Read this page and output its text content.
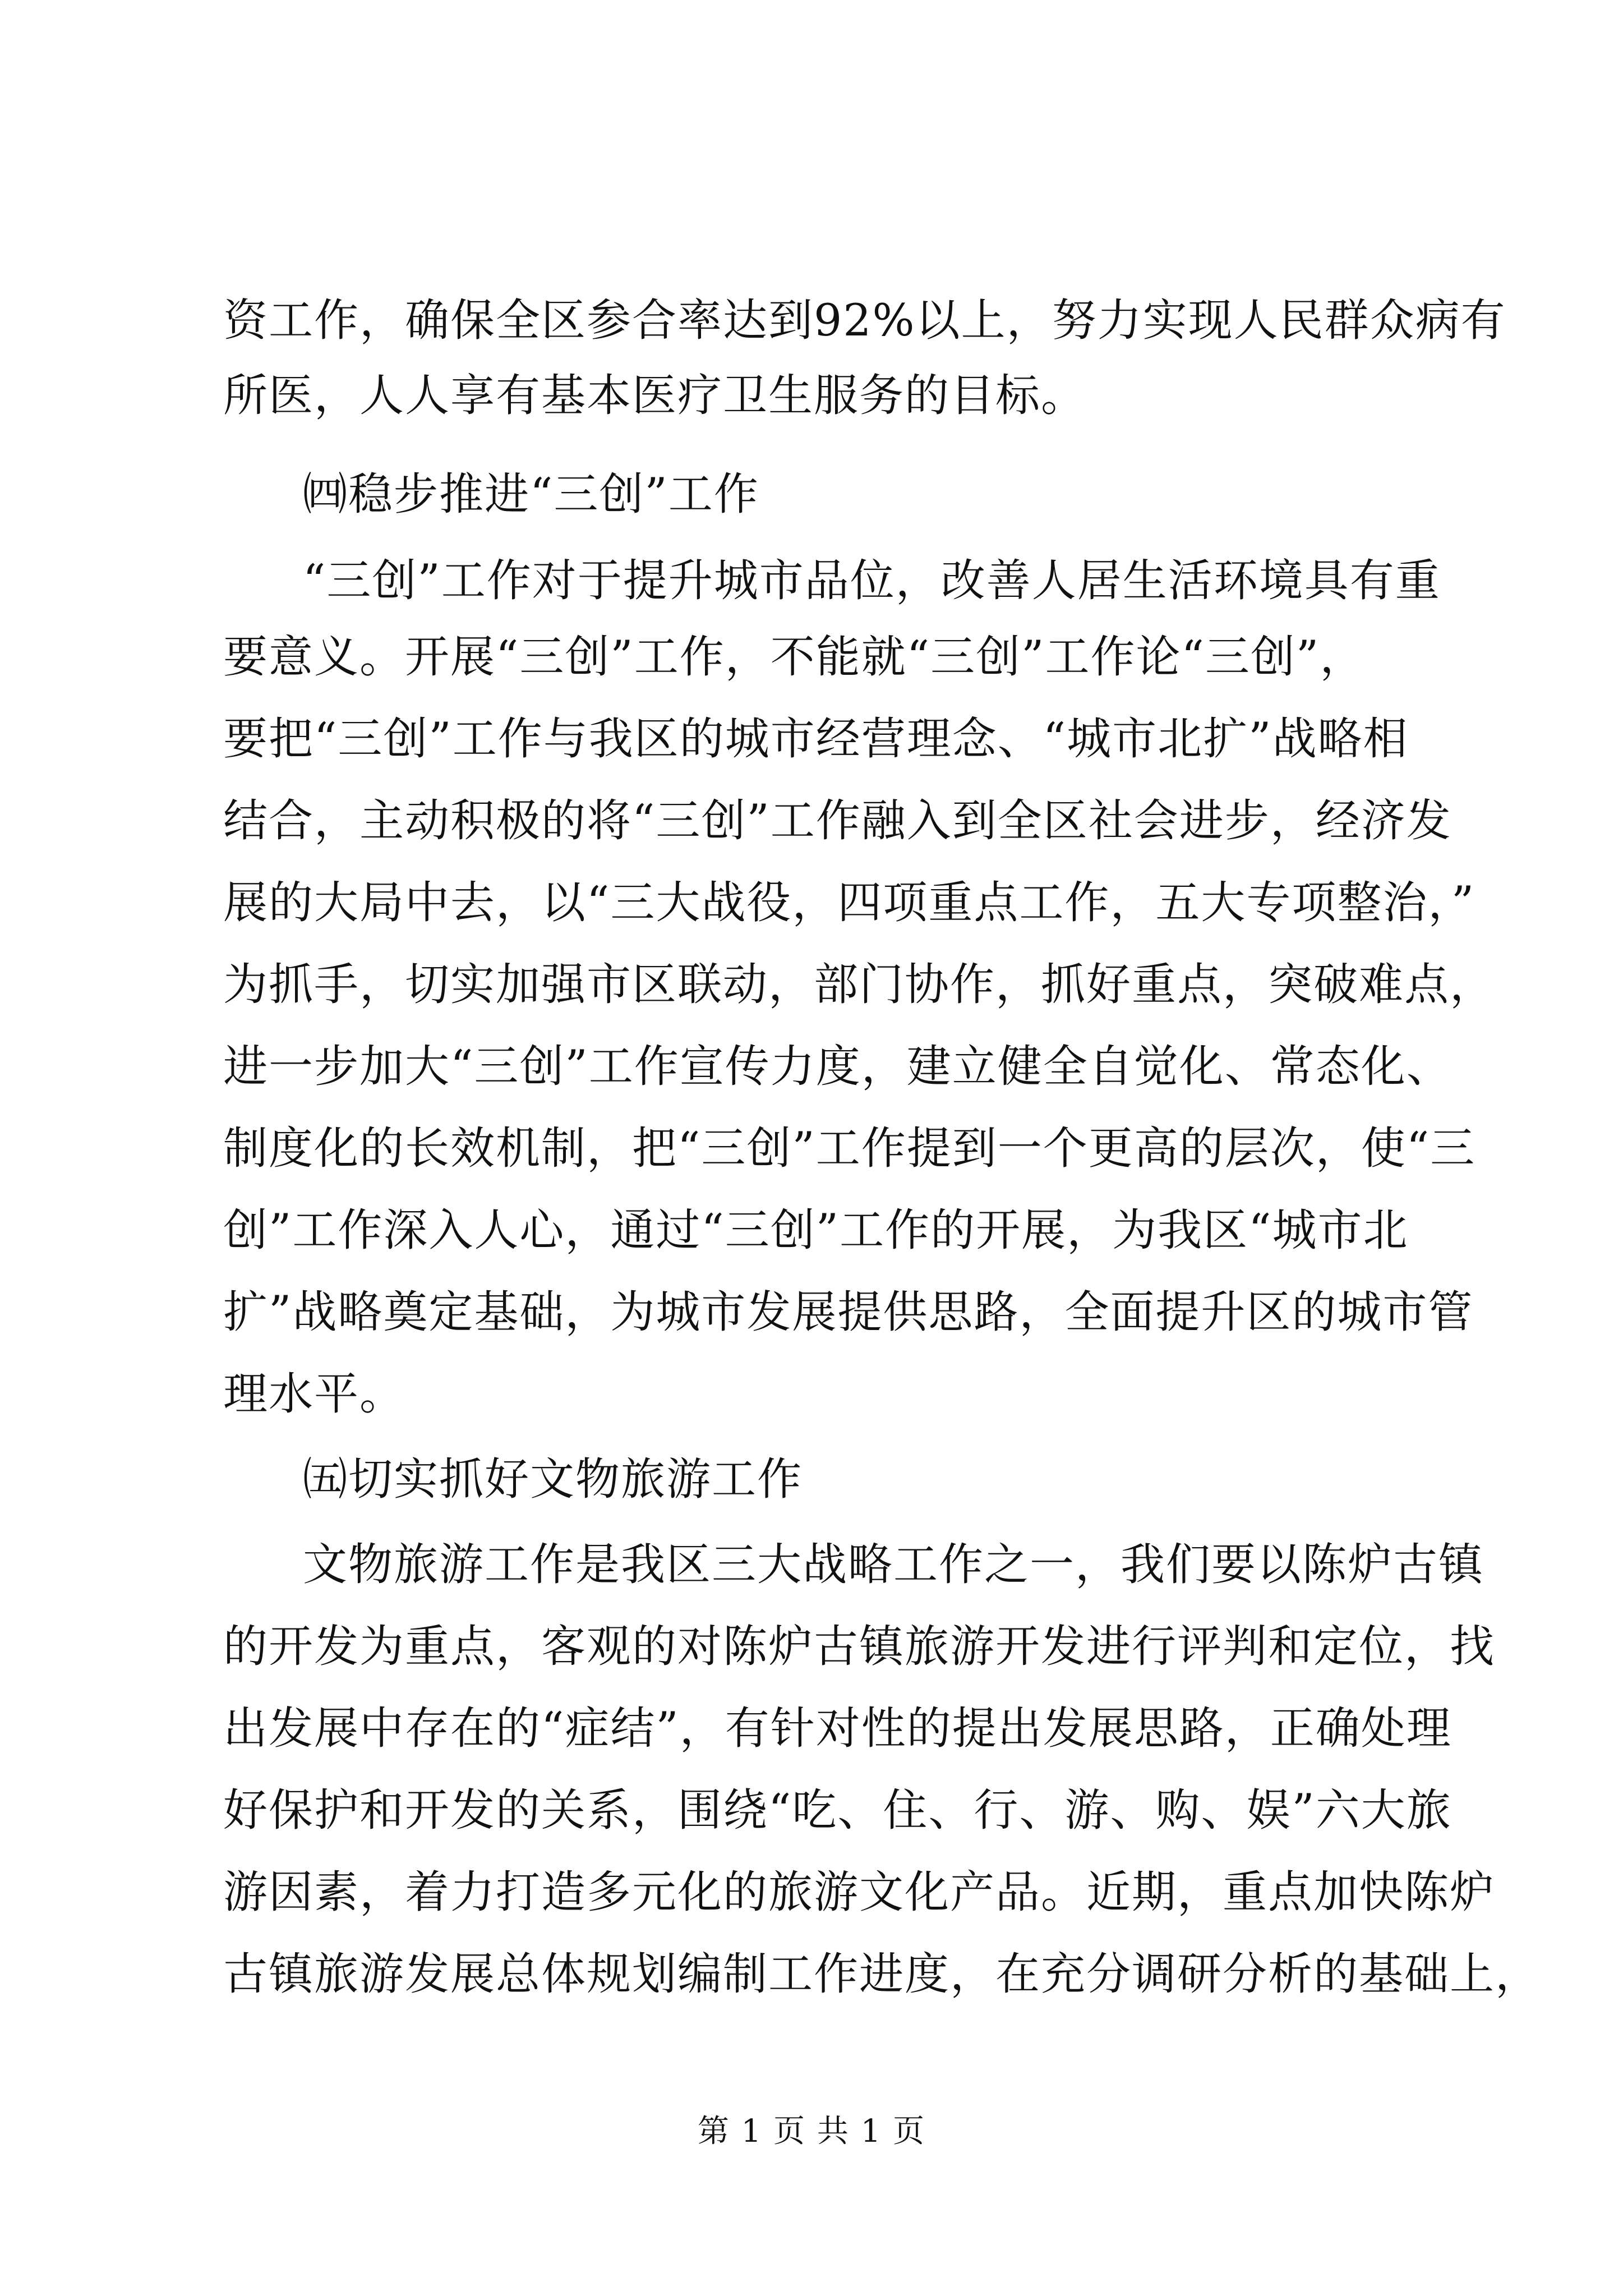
资工作，确保全区参合率达到92%以上，努力实现人民群众病有
所医，人人享有基本医疗卫生服务的目标。
㈣稳步推进“三创”工作
“三创”工作对于提升城市品位，改善人居生活环境具有重
要意义。开展“三创”工作，不能就“三创”工作论“三创”，
要把“三创”工作与我区的城市经营理念、“城市北扩”战略相
结合，主动积极的将“三创”工作融入到全区社会进步，经济发
展的大局中去，以“三大战役，四项重点工作，五大专项整治，”
为抓手，切实加强市区联动，部门协作，抓好重点，突破难点，
进一步加大“三创”工作宣传力度，建立健全自觉化、常态化、
制度化的长效机制，把“三创”工作提到一个更高的层次，使“三
创”工作深入人心，通过“三创”工作的开展，为我区“城市北
扩”战略奠定基础，为城市发展提供思路，全面提升区的城市管
理水平。
㈤切实抓好文物旅游工作
文物旅游工作是我区三大战略工作之一，我们要以陈炉古镇
的开发为重点，客观的对陈炉古镇旅游开发进行评判和定位，找
出发展中存在的“症结”，有针对性的提出发展思路，正确处理
好保护和开发的关系，围绕“吃、住、行、游、购、娱”六大旅
游因素，着力打造多元化的旅游文化产品。近期，重点加快陈炉
古镇旅游发展总体规划编制工作进度，在充分调研分析的基础上，
第 1 页 共 1 页
